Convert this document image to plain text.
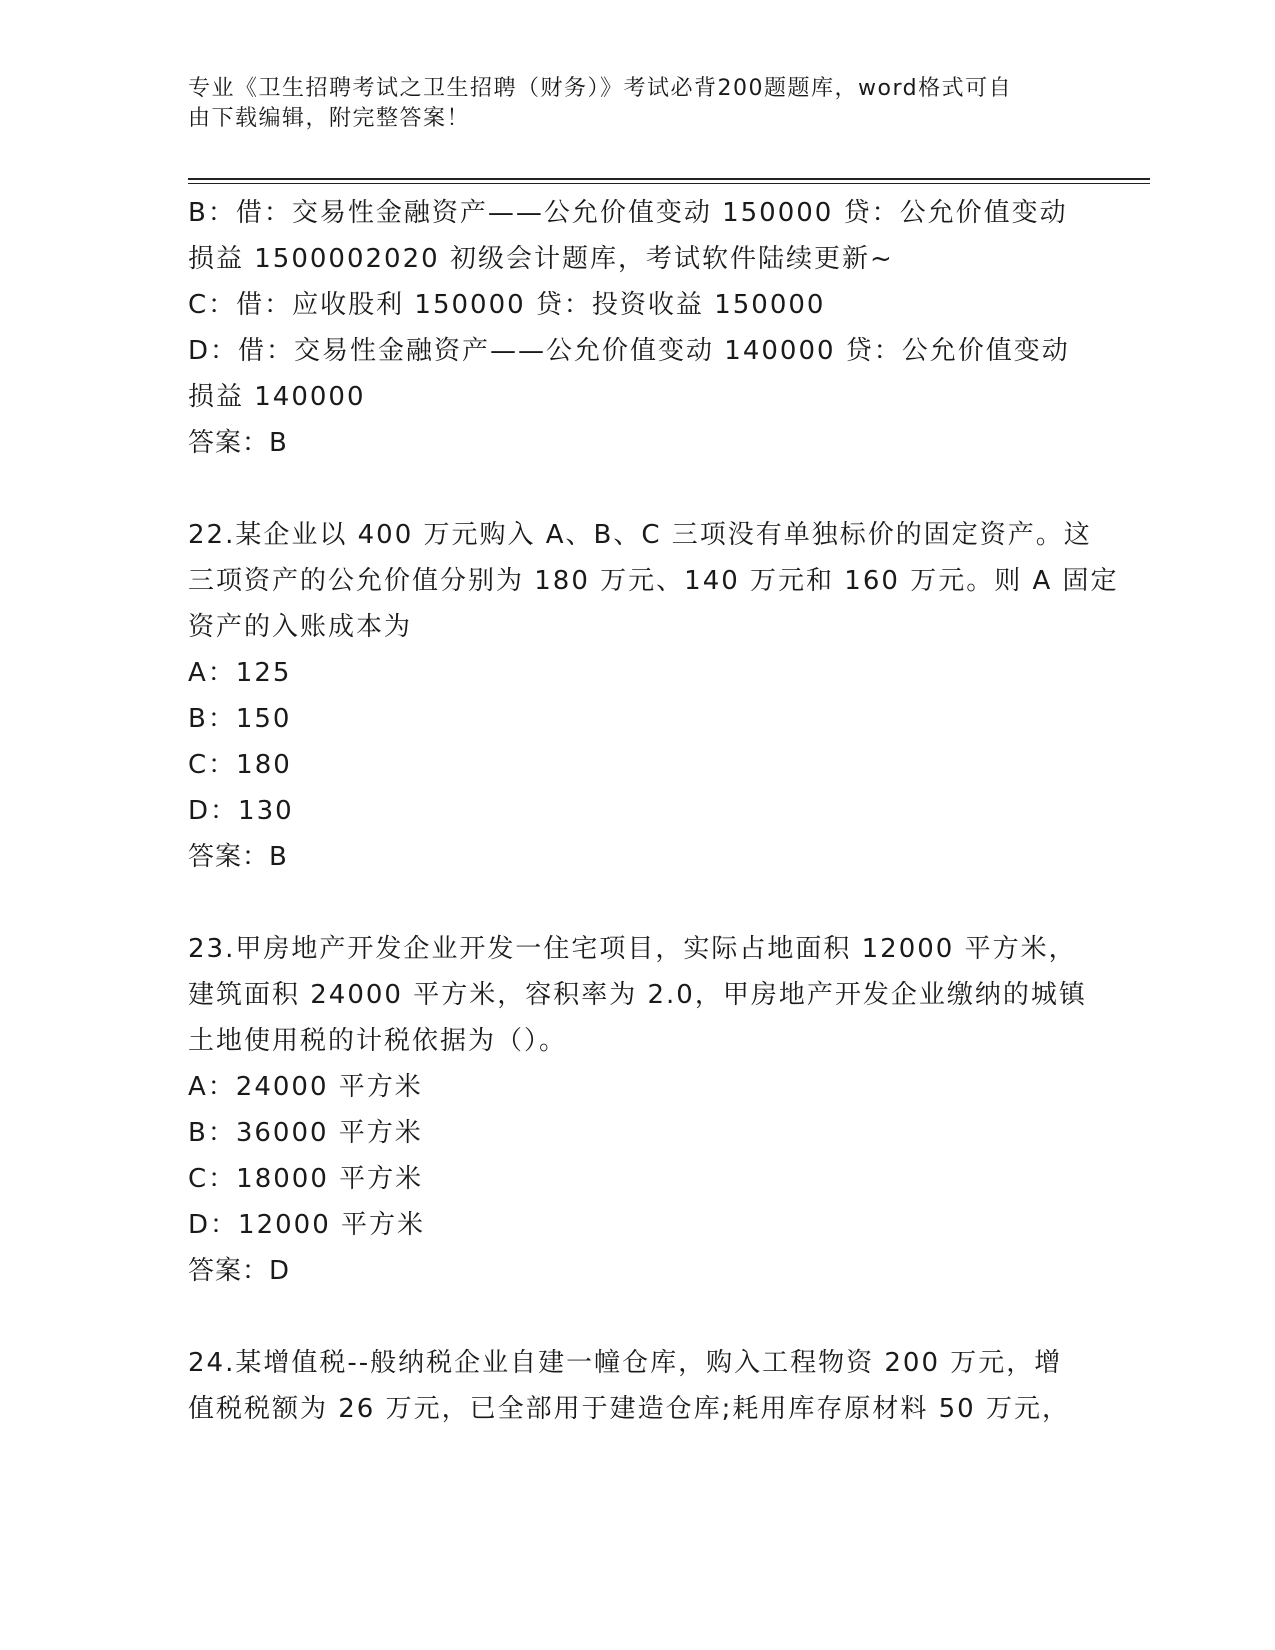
专业《卫生招聘考试之卫生招聘（财务）》考试必背200题题库，word格式可自
由下载编辑，附完整答案！
B：借：交易性金融资产——公允价值变动 150000 贷：公允价值变动
损益 1500002020 初级会计题库，考试软件陆续更新~
C：借：应收股利 150000 贷：投资收益 150000
D：借：交易性金融资产——公允价值变动 140000 贷：公允价值变动
损益 140000
答案：B
22.某企业以 400 万元购入 A、B、C 三项没有单独标价的固定资产。这
三项资产的公允价值分别为 180 万元、140 万元和 160 万元。则 A 固定
资产的入账成本为
A：125
B：150
C：180
D：130
答案：B
23.甲房地产开发企业开发一住宅项目，实际占地面积 12000 平方米，
建筑面积 24000 平方米，容积率为 2.0，甲房地产开发企业缴纳的城镇
土地使用税的计税依据为（）。
A：24000 平方米
B：36000 平方米
C：18000 平方米
D：12000 平方米
答案：D
24.某增值税--般纳税企业自建一幢仓库，购入工程物资 200 万元，增
值税税额为 26 万元，已全部用于建造仓库;耗用库存原材料 50 万元，
